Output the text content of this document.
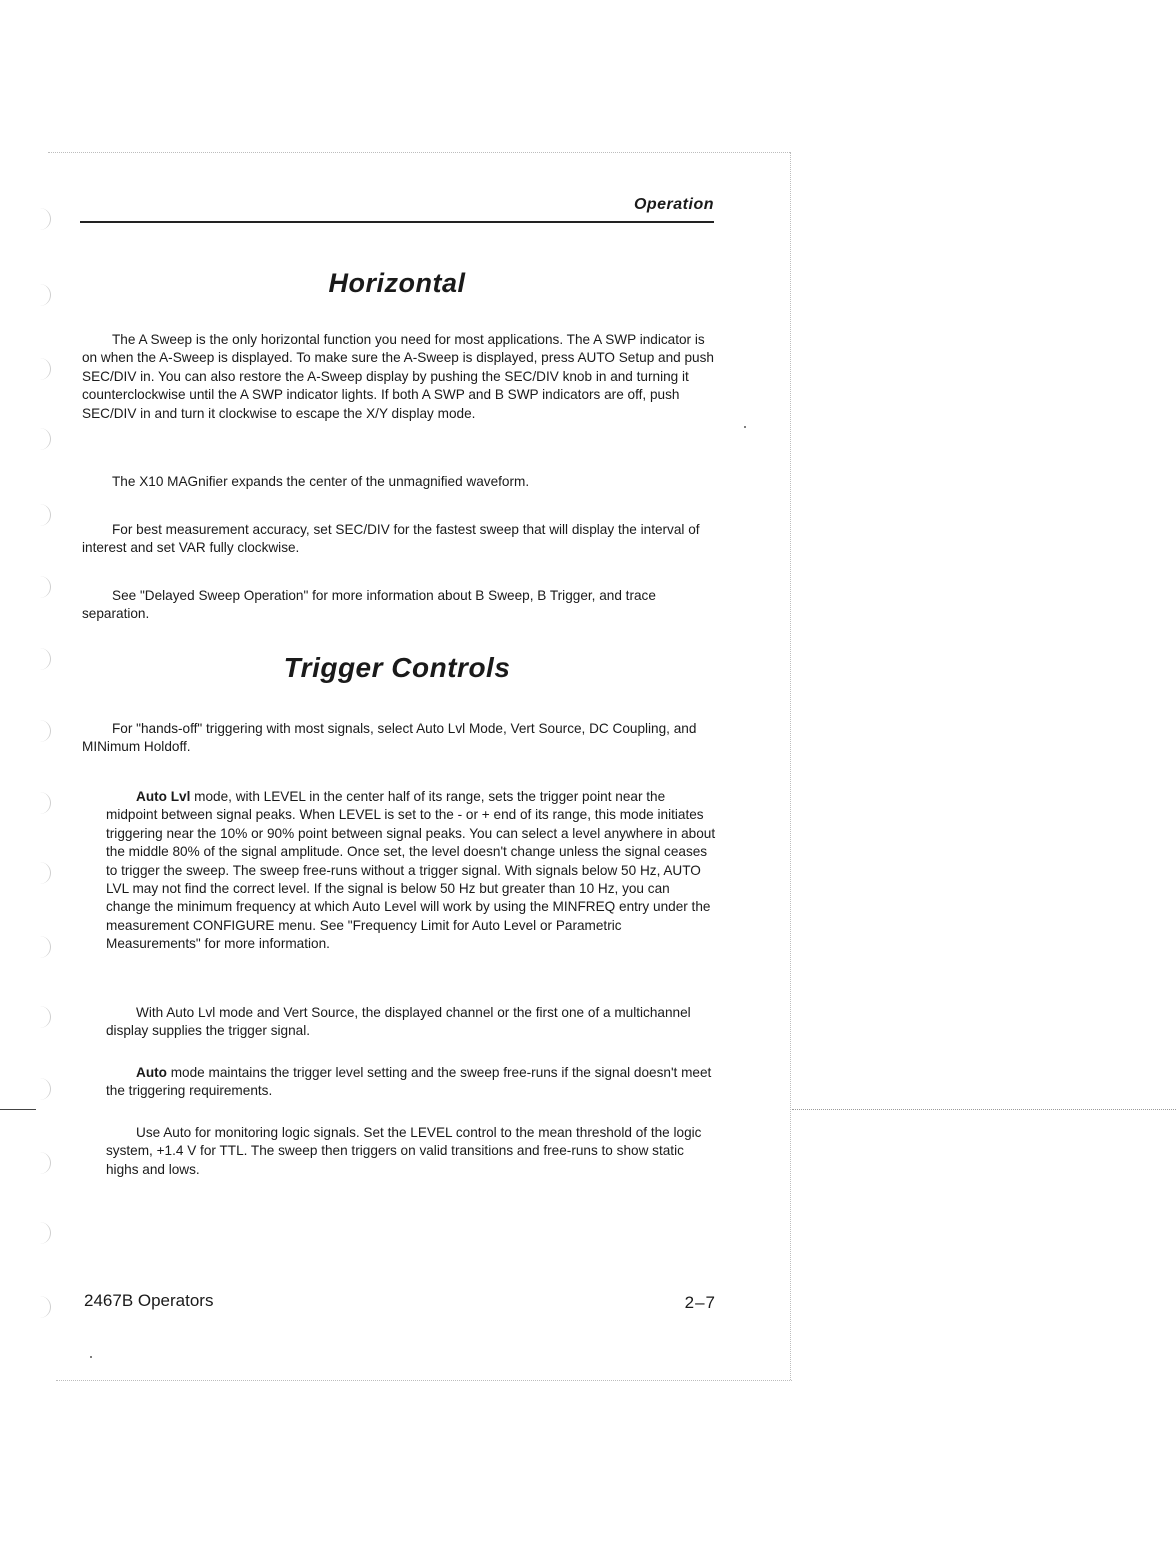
Operation
Horizontal

The A Sweep is the only horizontal function you need for most applications. The A SWP indicator is on when the A-Sweep is displayed. To make sure the A-Sweep is displayed, press AUTO Setup and push SEC/DIV in. You can also restore the A-Sweep display by pushing the SEC/DIV knob in and turning it counterclockwise until the A SWP indicator lights. If both A SWP and B SWP indicators are off, push SEC/DIV in and turn it clockwise to escape the X/Y display mode.

The X10 MAGnifier expands the center of the unmagnified waveform.

For best measurement accuracy, set SEC/DIV for the fastest sweep that will display the interval of interest and set VAR fully clockwise.

See "Delayed Sweep Operation" for more information about B Sweep, B Trigger, and trace separation.

Trigger Controls

For "hands-off" triggering with most signals, select Auto Lvl Mode, Vert Source, DC Coupling, and MINimum Holdoff.

Auto Lvl mode, with LEVEL in the center half of its range, sets the trigger point near the midpoint between signal peaks. When LEVEL is set to the - or + end of its range, this mode initiates triggering near the 10% or 90% point between signal peaks. You can select a level anywhere in about the middle 80% of the signal amplitude. Once set, the level doesn't change unless the signal ceases to trigger the sweep. The sweep free-runs without a trigger signal. With signals below 50 Hz, AUTO LVL may not find the correct level. If the signal is below 50 Hz but greater than 10 Hz, you can change the minimum frequency at which Auto Level will work by using the MINFREQ entry under the measurement CONFIGURE menu. See "Frequency Limit for Auto Level or Parametric Measurements" for more information.

With Auto Lvl mode and Vert Source, the displayed channel or the first one of a multichannel display supplies the trigger signal.

Auto mode maintains the trigger level setting and the sweep free-runs if the signal doesn't meet the triggering requirements.

Use Auto for monitoring logic signals. Set the LEVEL control to the mean threshold of the logic system, +1.4 V for TTL. The sweep then triggers on valid transitions and free-runs to show static highs and lows.

2467B Operators	2–7
